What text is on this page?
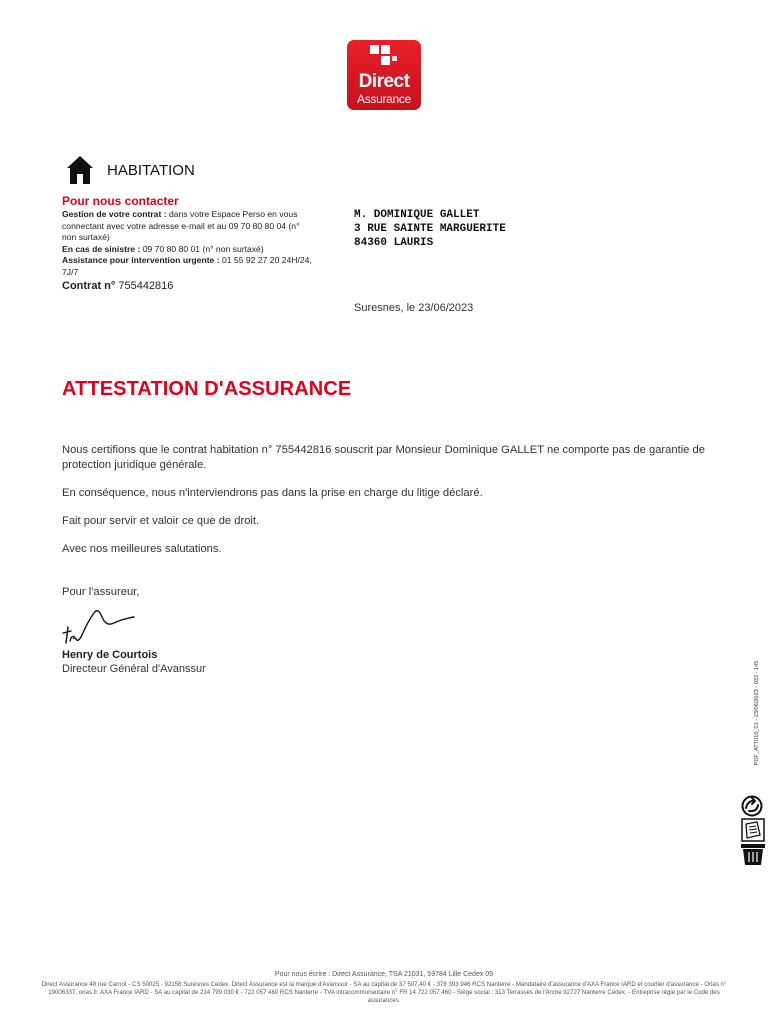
Direct
Assurance
HABITATION
Pour nous contacter
Gestion de votre contrat : dans votre Espace Perso en vous connectant avec votre adresse e-mail et au 09 70 80 80 04 (n° non surtaxé)
En cas de sinistre : 09 70 80 80 01 (n° non surtaxé)
Assistance pour intervention urgente : 01 55 92 27 20 24H/24, 7J/7
Contrat n° 755442816
M. DOMINIQUE GALLET
3 RUE SAINTE MARGUERITE
84360 LAURIS
Suresnes, le 23/06/2023
ATTESTATION D'ASSURANCE
Nous certifions que le contrat habitation n° 755442816 souscrit par Monsieur Dominique GALLET ne comporte pas de garantie de protection juridique générale.
En conséquence, nous n'interviendrons pas dans la prise en charge du litige déclaré.
Fait pour servir et valoir ce que de droit.
Avec nos meilleures salutations.
Pour l'assureur,
Henry de Courtois
Directeur Général d'Avanssur	PDF_ATT010_01 - 23/06/2023 - 033 - 145
Pour nous écrire : Direct Assurance, TSA 21031, 59784 Lille Cedex 09
Direct Assurance 48 rue Carnot - CS 50025 - 92158 Suresnes Cedex. Direct Assurance est la marque d'Avanssur - SA au capital de 37 507,40 € - 378 393 946 RCS Nanterre - Mandataire d'assurance d'AXA France IARD et courtier d'assurance - Orias n° 19006337, orias.fr. AXA France IARD - SA au capital de 214 799 030 € - 722 057 460 RCS Nanterre - TVA intracommunautaire n° FR 14 722 057 460 - Siège social : 313 Terrasses de l'Arche 92727 Nanterre Cedex. - Entreprise régie par le Code des assurances.
